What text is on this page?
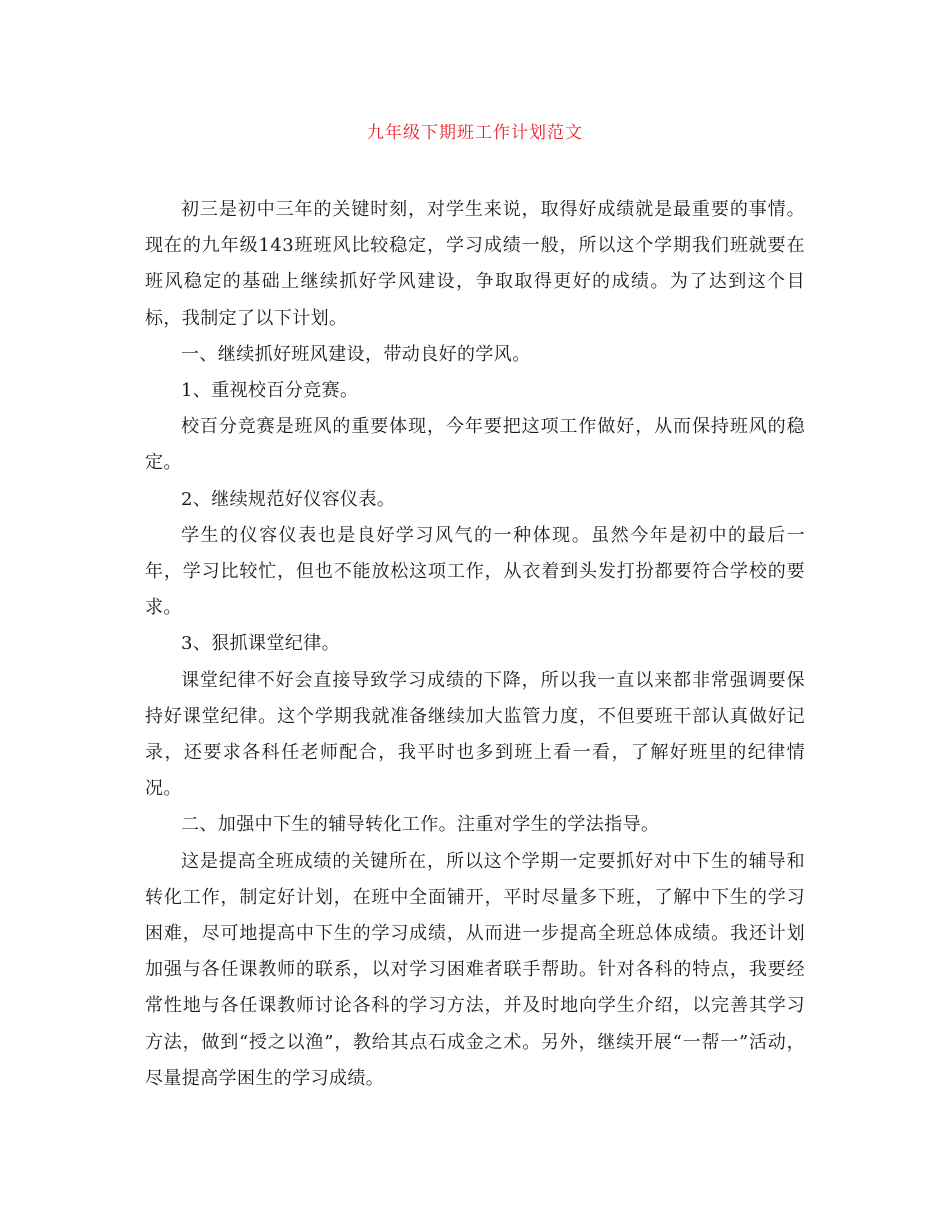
九年级下期班工作计划范文

初三是初中三年的关键时刻，对学生来说，取得好成绩就是最重要的事情。现在的九年级143班班风比较稳定，学习成绩一般，所以这个学期我们班就要在班风稳定的基础上继续抓好学风建设，争取取得更好的成绩。为了达到这个目标，我制定了以下计划。

一、继续抓好班风建设，带动良好的学风。

1、重视校百分竞赛。

校百分竞赛是班风的重要体现，今年要把这项工作做好，从而保持班风的稳定。

2、继续规范好仪容仪表。

学生的仪容仪表也是良好学习风气的一种体现。虽然今年是初中的最后一年，学习比较忙，但也不能放松这项工作，从衣着到头发打扮都要符合学校的要求。

3、狠抓课堂纪律。

课堂纪律不好会直接导致学习成绩的下降，所以我一直以来都非常强调要保持好课堂纪律。这个学期我就准备继续加大监管力度，不但要班干部认真做好记录，还要求各科任老师配合，我平时也多到班上看一看，了解好班里的纪律情况。

二、加强中下生的辅导转化工作。注重对学生的学法指导。

这是提高全班成绩的关键所在，所以这个学期一定要抓好对中下生的辅导和转化工作，制定好计划，在班中全面铺开，平时尽量多下班，了解中下生的学习困难，尽可地提高中下生的学习成绩，从而进一步提高全班总体成绩。我还计划加强与各任课教师的联系，以对学习困难者联手帮助。针对各科的特点，我要经常性地与各任课教师讨论各科的学习方法，并及时地向学生介绍，以完善其学习方法，做到“授之以渔”，教给其点石成金之术。另外，继续开展“一帮一”活动，尽量提高学困生的学习成绩。
